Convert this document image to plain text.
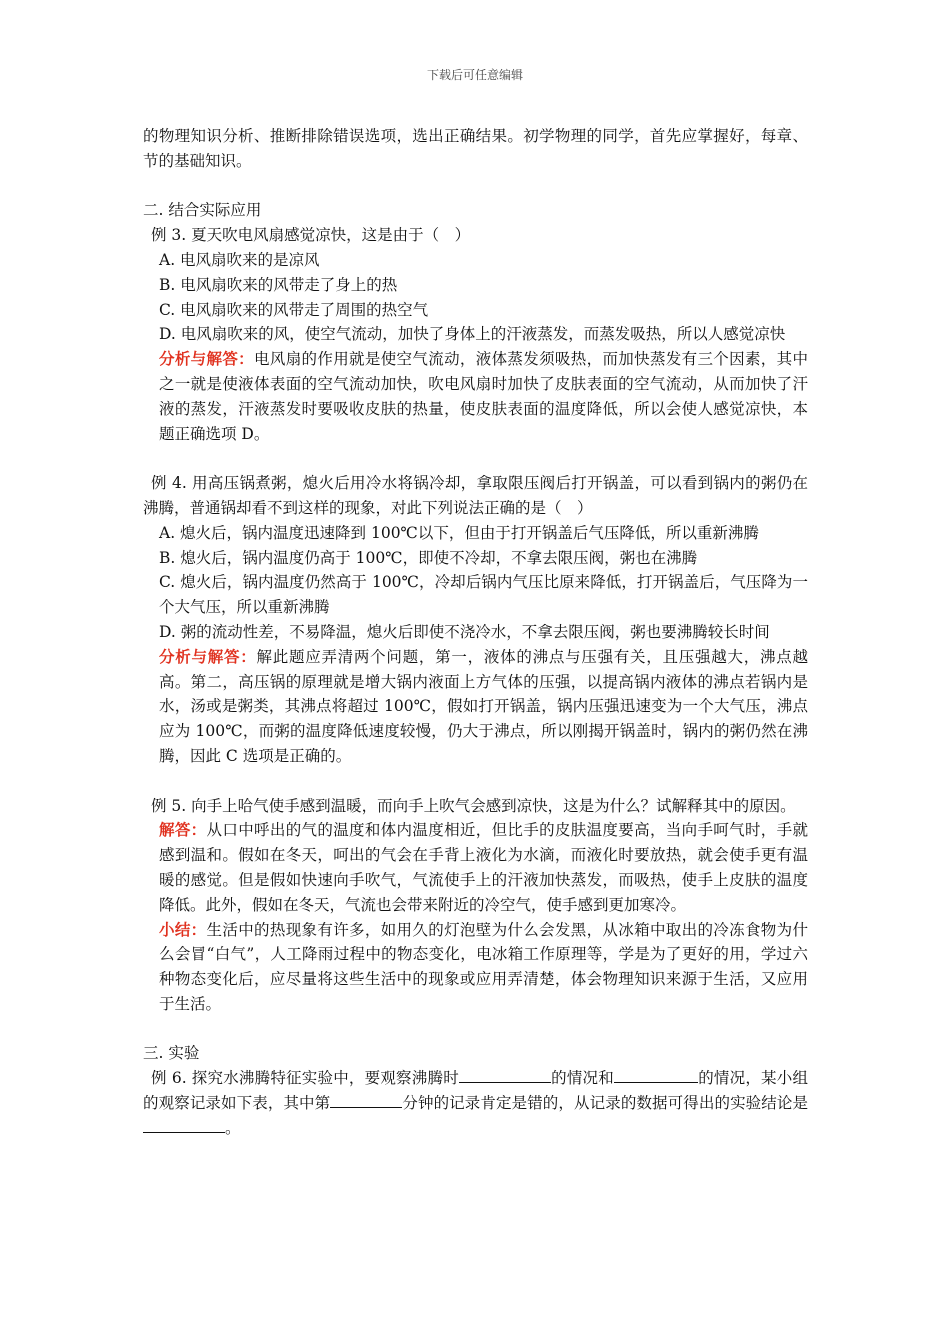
下载后可任意编辑

的物理知识分析、推断排除错误选项，选出正确结果。初学物理的同学，首先应掌握好，每章、节的基础知识。

二. 结合实际应用

例 3. 夏天吹电风扇感觉凉快，这是由于（　）

A. 电风扇吹来的是凉风

B. 电风扇吹来的风带走了身上的热

C. 电风扇吹来的风带走了周围的热空气

D. 电风扇吹来的风，使空气流动，加快了身体上的汗液蒸发，而蒸发吸热，所以人感觉凉快

分析与解答：电风扇的作用就是使空气流动，液体蒸发须吸热，而加快蒸发有三个因素，其中之一就是使液体表面的空气流动加快，吹电风扇时加快了皮肤表面的空气流动，从而加快了汗液的蒸发，汗液蒸发时要吸收皮肤的热量，使皮肤表面的温度降低，所以会使人感觉凉快，本题正确选项 D。

例 4. 用高压锅煮粥，熄火后用冷水将锅冷却，拿取限压阀后打开锅盖，可以看到锅内的粥仍在沸腾，普通锅却看不到这样的现象，对此下列说法正确的是（　）

A. 熄火后，锅内温度迅速降到 100℃以下，但由于打开锅盖后气压降低，所以重新沸腾

B. 熄火后，锅内温度仍高于 100℃，即使不冷却，不拿去限压阀，粥也在沸腾

C. 熄火后，锅内温度仍然高于 100℃，冷却后锅内气压比原来降低，打开锅盖后，气压降为一个大气压，所以重新沸腾

D. 粥的流动性差，不易降温，熄火后即使不浇冷水，不拿去限压阀，粥也要沸腾较长时间

分析与解答：解此题应弄清两个问题，第一，液体的沸点与压强有关，且压强越大，沸点越高。第二，高压锅的原理就是增大锅内液面上方气体的压强，以提高锅内液体的沸点若锅内是水，汤或是粥类，其沸点将超过 100℃，假如打开锅盖，锅内压强迅速变为一个大气压，沸点应为 100℃，而粥的温度降低速度较慢，仍大于沸点，所以刚揭开锅盖时，锅内的粥仍然在沸腾，因此 C 选项是正确的。

例 5. 向手上哈气使手感到温暖，而向手上吹气会感到凉快，这是为什么？试解释其中的原因。

解答：从口中呼出的气的温度和体内温度相近，但比手的皮肤温度要高，当向手呵气时，手就感到温和。假如在冬天，呵出的气会在手背上液化为水滴，而液化时要放热，就会使手更有温暖的感觉。但是假如快速向手吹气，气流使手上的汗液加快蒸发，而吸热，使手上皮肤的温度降低。此外，假如在冬天，气流也会带来附近的冷空气，使手感到更加寒冷。

小结：生活中的热现象有许多，如用久的灯泡壁为什么会发黑，从冰箱中取出的冷冻食物为什么会冒“白气”，人工降雨过程中的物态变化，电冰箱工作原理等，学是为了更好的用，学过六种物态变化后，应尽量将这些生活中的现象或应用弄清楚，体会物理知识来源于生活，又应用于生活。

三. 实验

例 6. 探究水沸腾特征实验中，要观察沸腾时	的情况和	的情况，某小组的观察记录如下表，其中第	分钟的记录肯定是错的，从记录的数据可得出的实验结论是。
